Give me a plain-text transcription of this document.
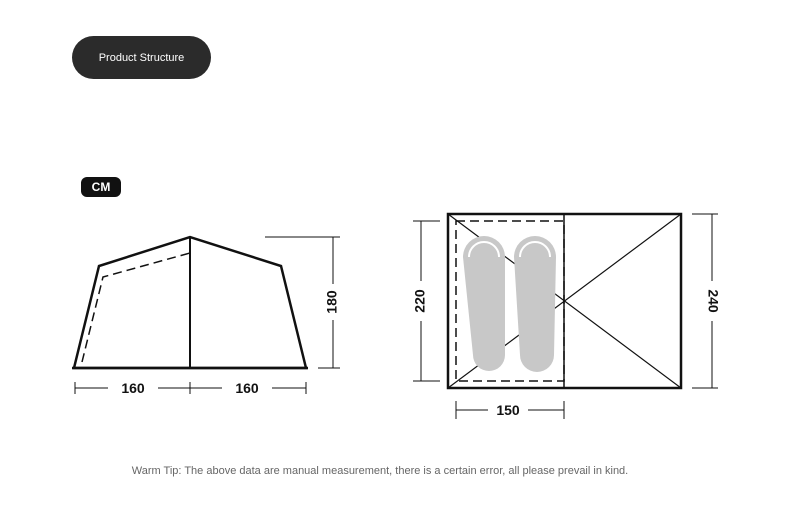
Product Structure
CM
160	160
180	220	240
150
Warm Tip: The above data are manual measurement, there is a certain error, all please prevail in kind.
